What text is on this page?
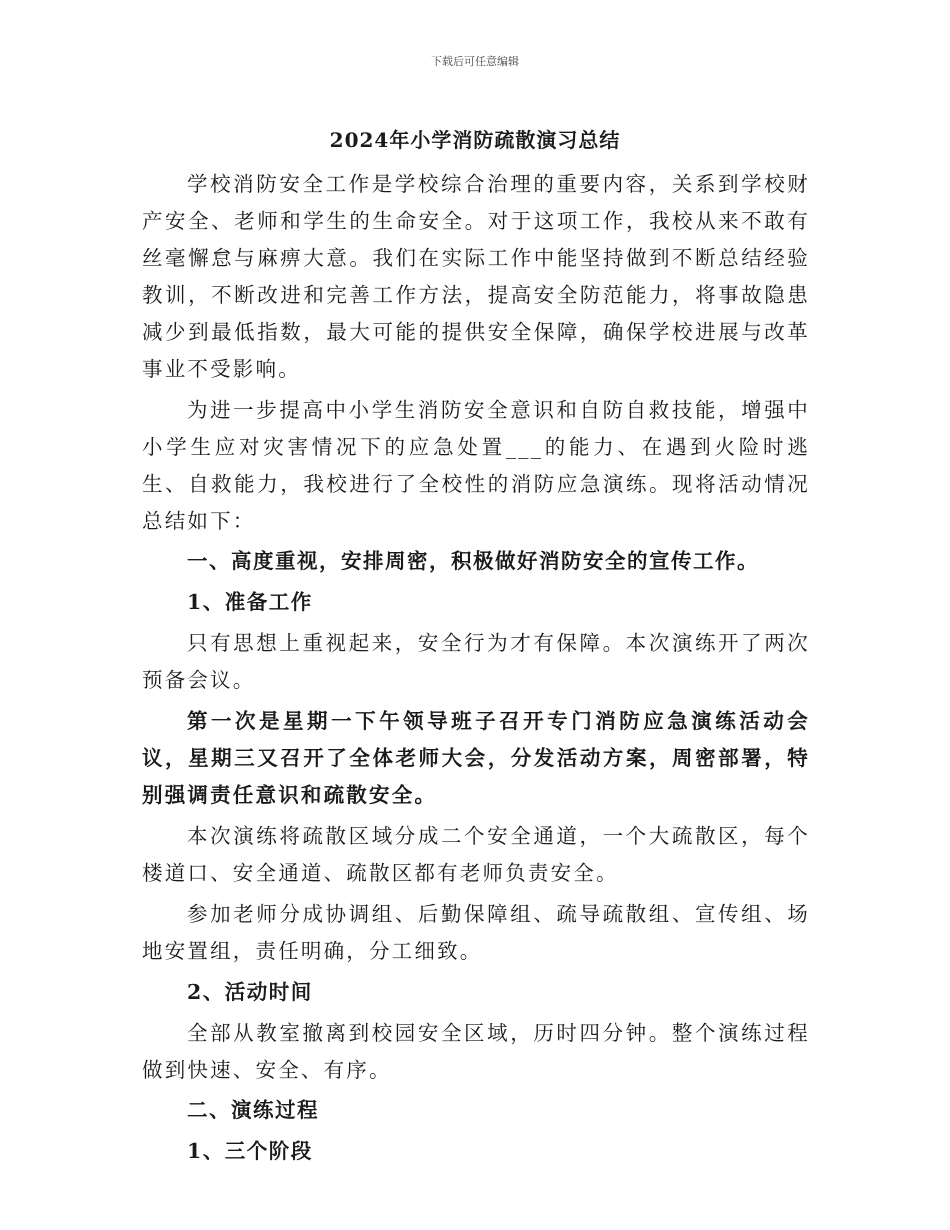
下载后可任意编辑
2024年小学消防疏散演习总结

学校消防安全工作是学校综合治理的重要内容，关系到学校财产安全、老师和学生的生命安全。对于这项工作，我校从来不敢有丝毫懈怠与麻痹大意。我们在实际工作中能坚持做到不断总结经验教训，不断改进和完善工作方法，提高安全防范能力，将事故隐患减少到最低指数，最大可能的提供安全保障，确保学校进展与改革事业不受影响。

为进一步提高中小学生消防安全意识和自防自救技能，增强中小学生应对灾害情况下的应急处置___的能力、在遇到火险时逃生、自救能力，我校进行了全校性的消防应急演练。现将活动情况总结如下：

一、高度重视，安排周密，积极做好消防安全的宣传工作。

1、准备工作

只有思想上重视起来，安全行为才有保障。本次演练开了两次预备会议。

第一次是星期一下午领导班子召开专门消防应急演练活动会议，星期三又召开了全体老师大会，分发活动方案，周密部署，特别强调责任意识和疏散安全。

本次演练将疏散区域分成二个安全通道，一个大疏散区，每个楼道口、安全通道、疏散区都有老师负责安全。

参加老师分成协调组、后勤保障组、疏导疏散组、宣传组、场地安置组，责任明确，分工细致。

2、活动时间

全部从教室撤离到校园安全区域，历时四分钟。整个演练过程做到快速、安全、有序。

二、演练过程

1、三个阶段
